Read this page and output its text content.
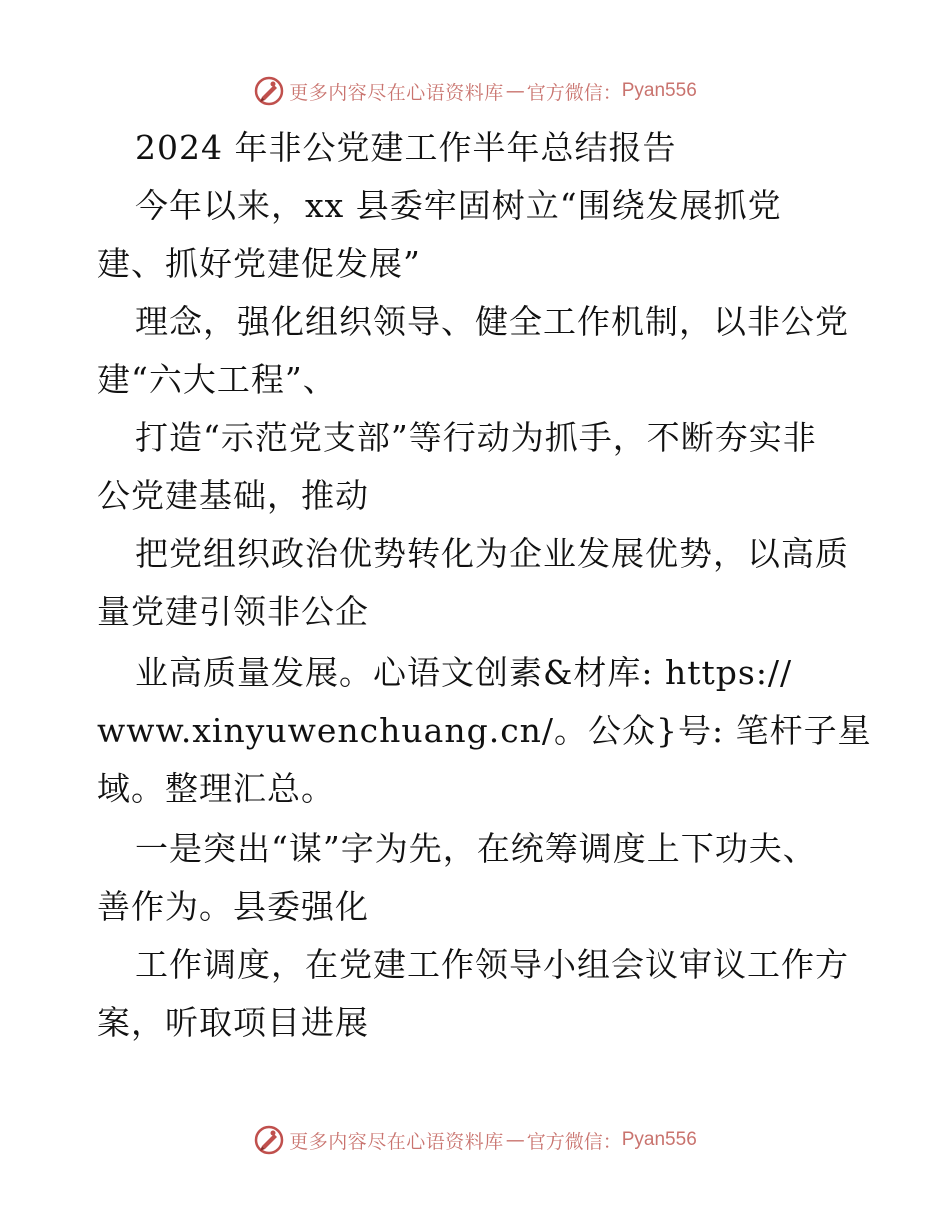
更多内容尽在心语资料库 — 官方微信： Pyan556
2024 年非公党建工作半年总结报告
今年以来，xx 县委牢固树立“围绕发展抓党
建、抓好党建促发展”
理念，强化组织领导、健全工作机制，以非公党
建“六大工程”、
打造“示范党支部”等行动为抓手，不断夯实非
公党建基础，推动
把党组织政治优势转化为企业发展优势，以高质
量党建引领非公企
业高质量发展。心语文创素&材库: https://
www.xinyuwenchuang.cn/。公众}号: 笔杆子星
域。整理汇总。
一是突出“谋”字为先，在统筹调度上下功夫、
善作为。县委强化
工作调度，在党建工作领导小组会议审议工作方
案，听取项目进展
更多内容尽在心语资料库 — 官方微信： Pyan556
